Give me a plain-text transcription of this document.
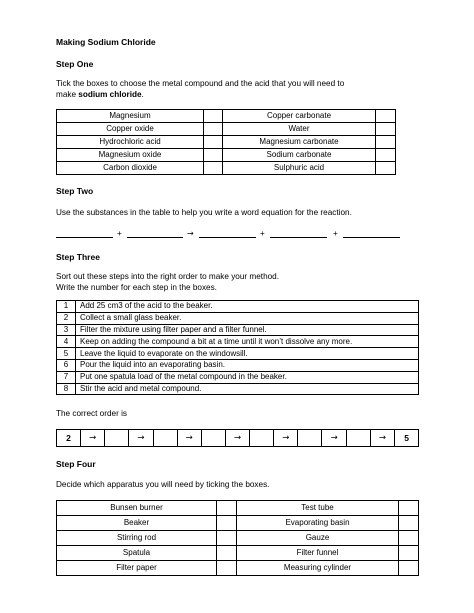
Making Sodium Chloride
Step One
Tick the boxes to choose the metal compound and the acid that you will need to
make sodium chloride.
Magnesium		Copper carbonate	
Copper oxide		Water	
Hydrochloric acid		Magnesium carbonate	
Magnesium oxide		Sodium carbonate	
Carbon dioxide		Sulphuric acid	
Step Two
Use the substances in the table to help you write a word equation for the reaction.
+	→	+	+
Step Three
Sort out these steps into the right order to make your method.
Write the number for each step in the boxes.
1	Add 25 cm3 of the acid to the beaker.
2	Collect a small glass beaker.
3	Filter the mixture using filter paper and a filter funnel.
4	Keep on adding the compound a bit at a time until it won’t dissolve any more.
5	Leave the liquid to evaporate on the windowsill.
6	Pour the liquid into an evaporating basin.
7	Put one spatula load of the metal compound in the beaker.
8	Stir the acid and metal compound.
The correct order is
2	→		→		→		→		→		→		→	5
Step Four
Decide which apparatus you will need by ticking the boxes.
Bunsen burner		Test tube	
Beaker		Evaporating basin	
Stirring rod		Gauze	
Spatula		Filter funnel	
Filter paper		Measuring cylinder	
